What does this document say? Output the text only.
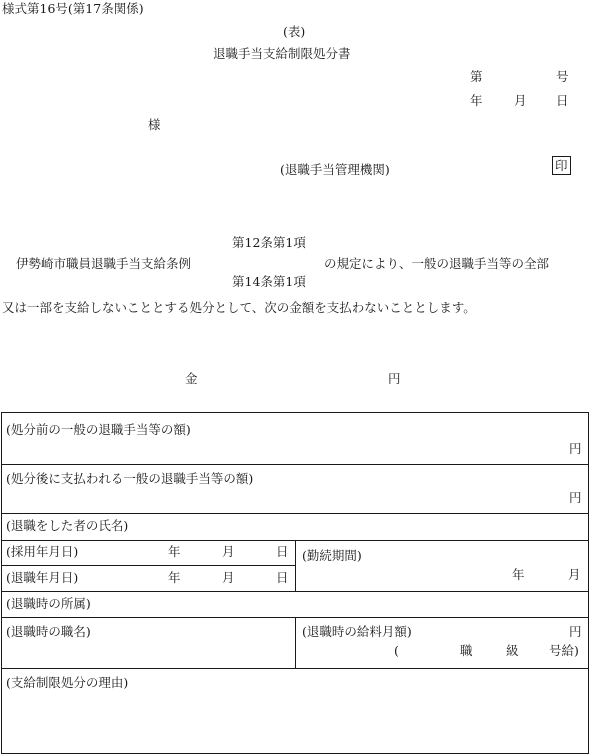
様式第16号(第17条関係)
(表)
退職手当支給制限処分書
第	号
年	月 日
様
(退職手当管理機関)	印
第12条第1項
伊勢崎市職員退職手当支給条例	の規定により、一般の退職手当等の全部
第14条第1項
又は一部を支給しないこととする処分として、次の金額を支払わないこととします。
金	円
(処分前の一般の退職手当等の額)
円
(処分後に支払われる一般の退職手当等の額)
円
(退職をした者の氏名)
(採用年月日)	年	月	日
(退職年月日)	年	月	日
(勤続期間)
年	月
(退職時の所属)
(退職時の職名)	(退職時の給料月額)	円
(	職	級 号給)
(支給制限処分の理由)
